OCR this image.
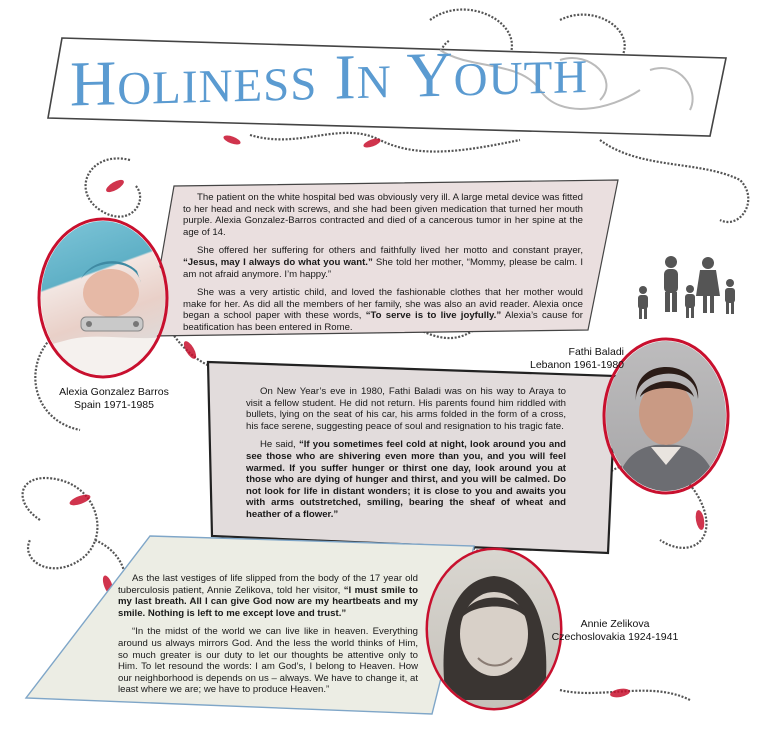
HOLINESS IN YOUTH

The patient on the white hospital bed was obviously very ill. A large metal device was fitted to her head and neck with screws, and she had been given medication that turned her mouth purple. Alexia Gonzalez-Barros contracted and died of a cancerous tumor in her spine at the age of 14.

She offered her suffering for others and faithfully lived her motto and constant prayer, “Jesus, may I always do what you want.” She told her mother, “Mommy, please be calm. I am not afraid anymore. I’m happy.”

She was a very artistic child, and loved the fashionable clothes that her mother would make for her. As did all the members of her family, she was also an avid reader. Alexia once began a school paper with these words, “To serve is to live joyfully.” Alexia’s cause for beatification has been entered in Rome.

Alexia Gonzalez Barros
Spain 1971-1985
Fathi Baladi
Lebanon 1961-1980

On New Year’s eve in 1980, Fathi Baladi was on his way to Araya to visit a fellow student. He did not return. His parents found him riddled with bullets, lying on the seat of his car, his arms folded in the form of a cross, his face serene, suggesting peace of soul and resignation to his tragic fate.

He said, “If you sometimes feel cold at night, look around you and see those who are shivering even more than you, and you will feel warmed. If you suffer hunger or thirst one day, look around you at those who are dying of hunger and thirst, and you will be calmed. Do not look for life in distant wonders; it is close to you and awaits you with arms outstretched, smiling, bearing the sheaf of wheat and heather of a flower.”

As the last vestiges of life slipped from the body of the 17 year old tuberculosis patient, Annie Zelikova, told her visitor, “I must smile to my last breath. All I can give God now are my heartbeats and my smile. Nothing is left to me except love and trust.”

“In the midst of the world we can live like in heaven. Everything around us always mirrors God. And the less the world thinks of Him, so much greater is our duty to let our thoughts be attentive only to Him. To let resound the words: I am God’s, I belong to Heaven. How our neighborhood is depends on us – always. We have to change it, at least where we are; we have to produce Heaven.”

Annie Zelikova
Czechoslovakia 1924-1941
